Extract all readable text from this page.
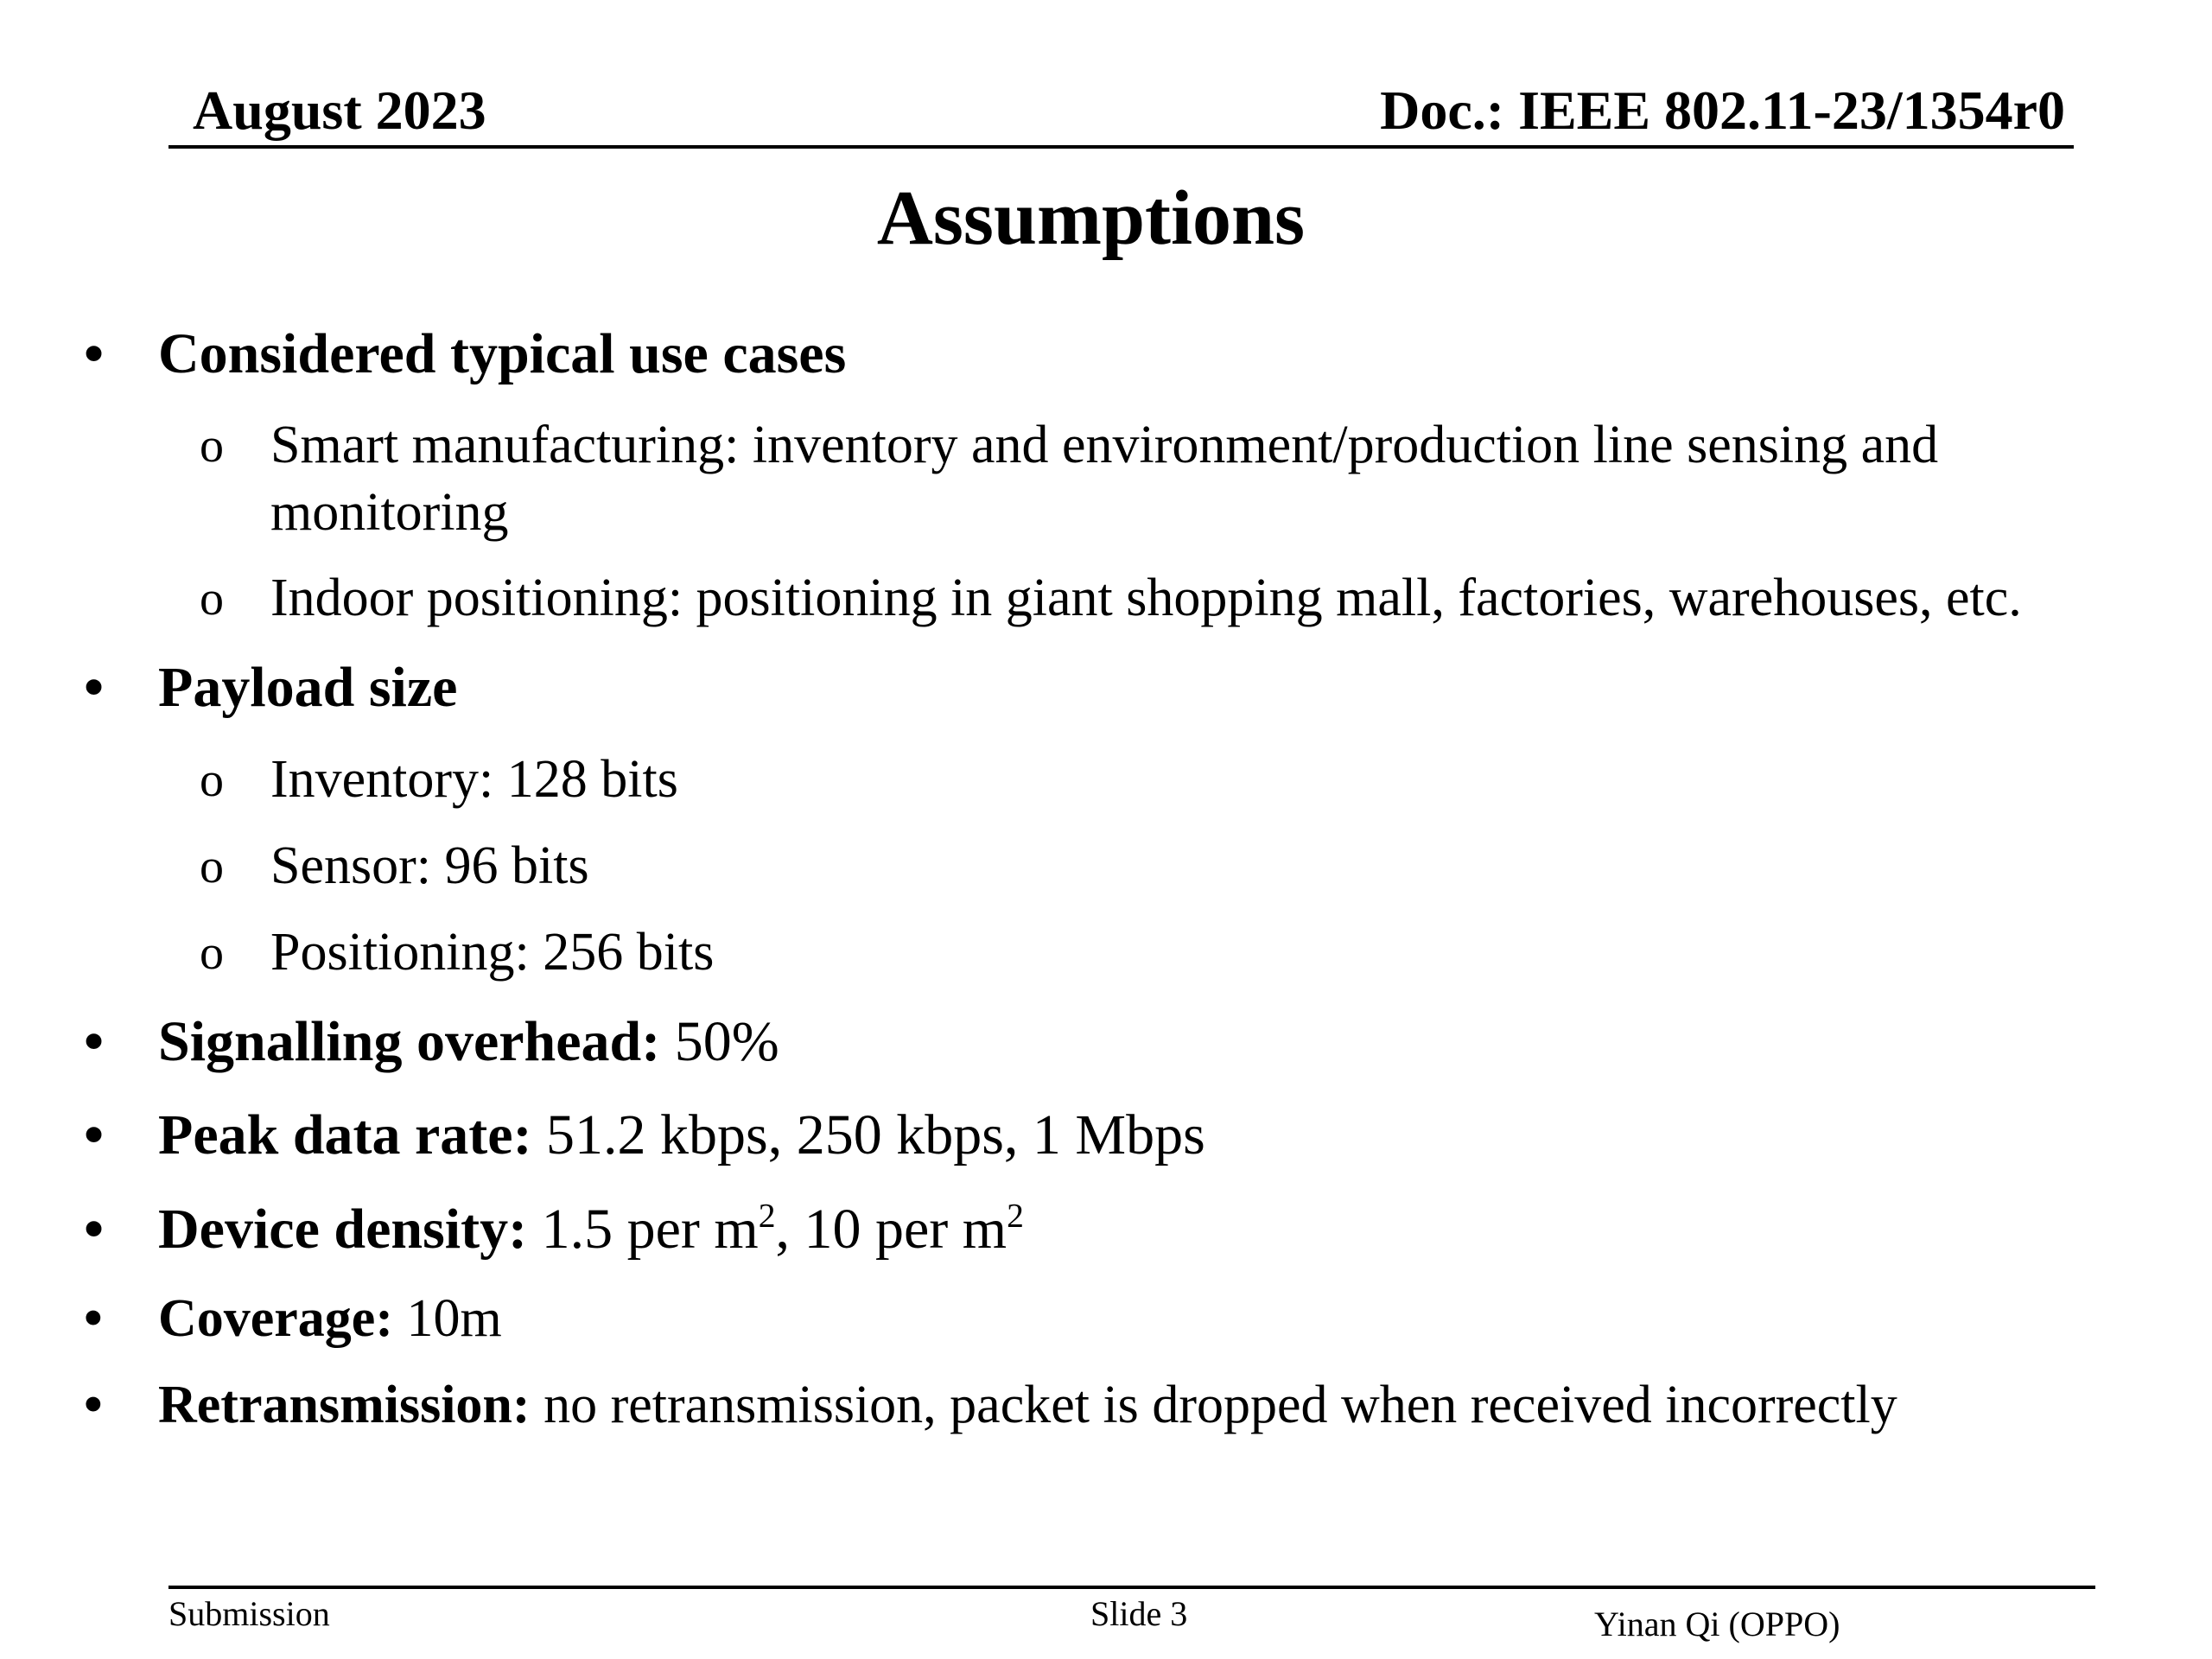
August 2023	Doc.: IEEE 802.11-23/1354r0
Assumptions
• Considered typical use cases
o Smart manufacturing: inventory and environment/production line sensing and
monitoring
o Indoor positioning: positioning in giant shopping mall, factories, warehouses, etc.
• Payload size
o Inventory: 128 bits
o Sensor: 96 bits
o Positioning: 256 bits
• Signalling overhead: 50%
• Peak data rate: 51.2 kbps, 250 kbps, 1 Mbps
• Device density: 1.5 per $m^2$, 10 per $m^2$
• Coverage: 10m
• Retransmission: no retransmission, packet is dropped when received incorrectly
Submission	Slide 3	Yinan Qi (OPPO)
